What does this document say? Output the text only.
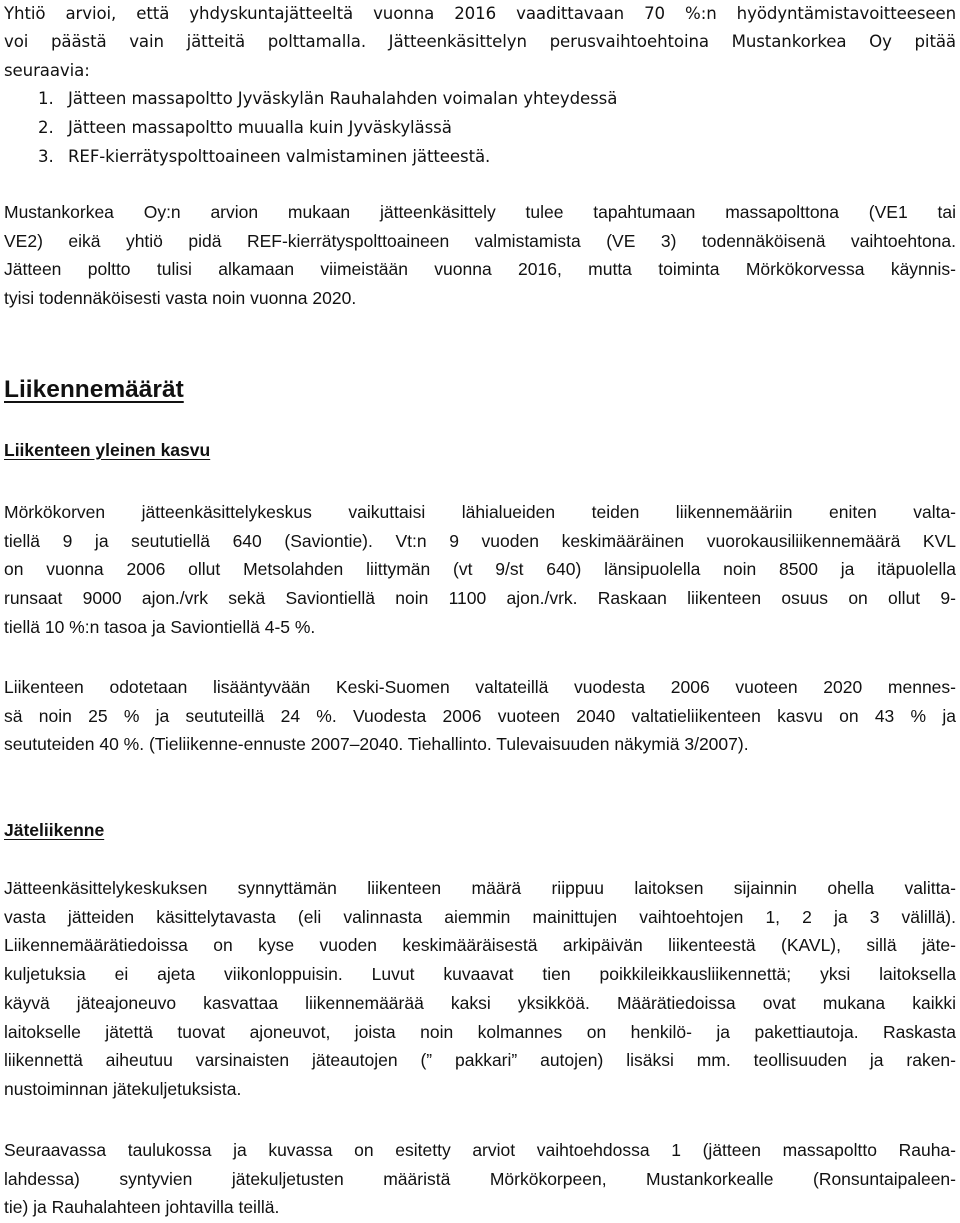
Yhtiö arvioi, että yhdyskuntajätteeltä vuonna 2016 vaadittavaan 70 %:n hyödyntämistavoitteeseen
voi päästä vain jätteitä polttamalla. Jätteenkäsittelyn perusvaihtoehtoina Mustankorkea Oy pitää
seuraavia:

1. Jätteen massapoltto Jyväskylän Rauhalahden voimalan yhteydessä
2. Jätteen massapoltto muualla kuin Jyväskylässä
3. REF-kierrätyspolttoaineen valmistaminen jätteestä.

Mustankorkea Oy:n arvion mukaan jätteenkäsittely tulee tapahtumaan massapolttona (VE1 tai
VE2) eikä yhtiö pidä REF-kierrätyspolttoaineen valmistamista (VE 3) todennäköisenä vaihtoehtona.
Jätteen poltto tulisi alkamaan viimeistään vuonna 2016, mutta toiminta Mörkökorvessa käynnis-
tyisi todennäköisesti vasta noin vuonna 2020.

Liikennemäärät
Liikenteen yleinen kasvu

Mörkökorven jätteenkäsittelykeskus vaikuttaisi lähialueiden teiden liikennemääriin eniten valta-
tiellä 9 ja seututiellä 640 (Saviontie). Vt:n 9 vuoden keskimääräinen vuorokausiliikennemäärä KVL
on vuonna 2006 ollut Metsolahden liittymän (vt 9/st 640) länsipuolella noin 8500 ja itäpuolella
runsaat 9000 ajon./vrk sekä Saviontiellä noin 1100 ajon./vrk. Raskaan liikenteen osuus on ollut 9-
tiellä 10 %:n tasoa ja Saviontiellä 4-5 %.

Liikenteen odotetaan lisääntyvään Keski-Suomen valtateillä vuodesta 2006 vuoteen 2020 mennes-
sä noin 25 % ja seututeillä 24 %. Vuodesta 2006 vuoteen 2040 valtatieliikenteen kasvu on 43 % ja
seututeiden 40 %. (Tieliikenne-ennuste 2007–2040. Tiehallinto. Tulevaisuuden näkymiä 3/2007).

Jäteliikenne

Jätteenkäsittelykeskuksen synnyttämän liikenteen määrä riippuu laitoksen sijainnin ohella valitta-
vasta jätteiden käsittelytavasta (eli valinnasta aiemmin mainittujen vaihtoehtojen 1, 2 ja 3 välillä).
Liikennemäärätiedoissa on kyse vuoden keskimääräisestä arkipäivän liikenteestä (KAVL), sillä jäte-
kuljetuksia ei ajeta viikonloppuisin. Luvut kuvaavat tien poikkileikkausliikennettä; yksi laitoksella
käyvä jäteajoneuvo kasvattaa liikennemäärää kaksi yksikköä. Määrätiedoissa ovat mukana kaikki
laitokselle jätettä tuovat ajoneuvot, joista noin kolmannes on henkilö- ja pakettiautoja. Raskasta
liikennettä aiheutuu varsinaisten jäteautojen (” pakkari” autojen) lisäksi mm. teollisuuden ja raken-
nustoiminnan jätekuljetuksista.

Seuraavassa taulukossa ja kuvassa on esitetty arviot vaihtoehdossa 1 (jätteen massapoltto Rauha-
lahdessa) syntyvien jätekuljetusten määristä Mörkökorpeen, Mustankorkealle (Ronsuntaipaleen-
tie) ja Rauhalahteen johtavilla teillä.
